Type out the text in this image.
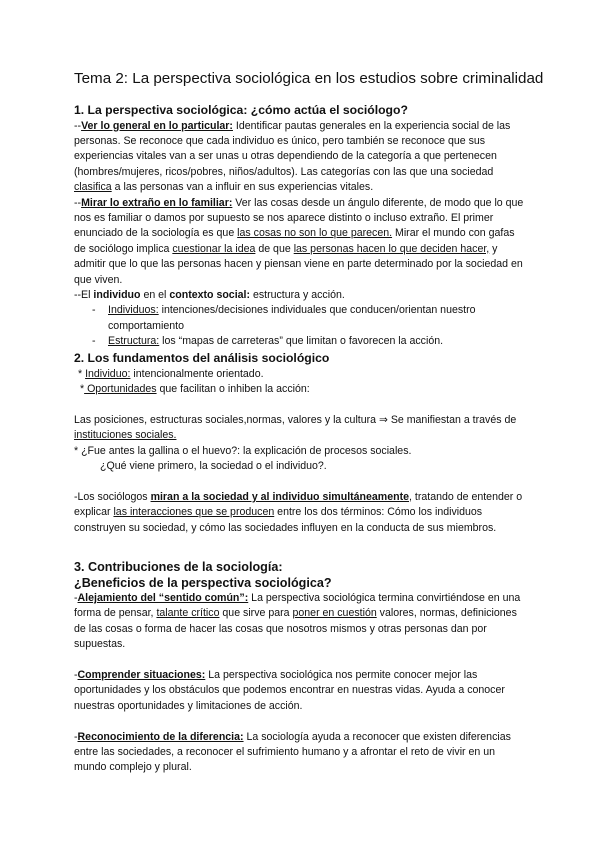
Tema 2: La perspectiva sociológica en los estudios sobre criminalidad

1. La perspectiva sociológica: ¿cómo actúa el sociólogo?

--Ver lo general en lo particular: Identificar pautas generales en la experiencia social de las personas. Se reconoce que cada individuo es único, pero también se reconoce que sus experiencias vitales van a ser unas u otras dependiendo de la categoría a que pertenecen (hombres/mujeres, ricos/pobres, niños/adultos). Las categorías con las que una sociedad clasifica a las personas van a influir en sus experiencias vitales.

--Mirar lo extraño en lo familiar: Ver las cosas desde un ángulo diferente, de modo que lo que nos es familiar o damos por supuesto se nos aparece distinto o incluso extraño. El primer enunciado de la sociología es que las cosas no son lo que parecen. Mirar el mundo con gafas de sociólogo implica cuestionar la idea de que las personas hacen lo que deciden hacer, y admitir que lo que las personas hacen y piensan viene en parte determinado por la sociedad en que viven.

--El individuo en el contexto social: estructura y acción.

- Individuos: intenciones/decisiones individuales que conducen/orientan nuestro comportamiento
- Estructura: los “mapas de carreteras” que limitan o favorecen la acción.

2. Los fundamentos del análisis sociológico

* Individuo: intencionalmente orientado.

* Oportunidades que facilitan o inhiben la acción:

Las posiciones, estructuras sociales,normas, valores y la cultura ⇒ Se manifiestan a través de instituciones sociales.

* ¿Fue antes la gallina o el huevo?: la explicación de procesos sociales.

¿Qué viene primero, la sociedad o el individuo?.

-Los sociólogos miran a la sociedad y al individuo simultáneamente, tratando de entender o explicar las interacciones que se producen entre los dos términos: Cómo los individuos construyen su sociedad, y cómo las sociedades influyen en la conducta de sus miembros.

3. Contribuciones de la sociología:

¿Beneficios de la perspectiva sociológica?

-Alejamiento del “sentido común”: La perspectiva sociológica termina convirtiéndose en una forma de pensar, talante crítico que sirve para poner en cuestión valores, normas, definiciones de las cosas o forma de hacer las cosas que nosotros mismos y otras personas dan por supuestas.

-Comprender situaciones: La perspectiva sociológica nos permite conocer mejor las oportunidades y los obstáculos que podemos encontrar en nuestras vidas. Ayuda a conocer nuestras oportunidades y limitaciones de acción.

-Reconocimiento de la diferencia: La sociología ayuda a reconocer que existen diferencias entre las sociedades, a reconocer el sufrimiento humano y a afrontar el reto de vivir en un mundo complejo y plural.
